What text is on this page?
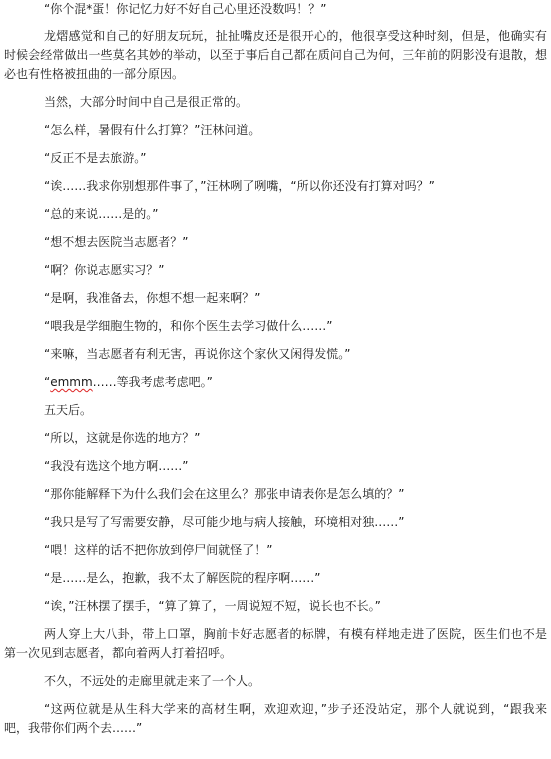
“你个混*蛋！你记忆力好不好自己心里还没数吗！？”

龙熠感觉和自己的好朋友玩玩，扯扯嘴皮还是很开心的，他很享受这种时刻，但是，他确实有时候会经常做出一些莫名其妙的举动，以至于事后自己都在质问自己为何，三年前的阴影没有退散，想必也有性格被扭曲的一部分原因。

当然，大部分时间中自己是很正常的。

“怎么样，暑假有什么打算？”汪林问道。

“反正不是去旅游。”

“诶……我求你别想那件事了，”汪林咧了咧嘴，“所以你还没有打算对吗？”

“总的来说……是的。”

“想不想去医院当志愿者？”

“啊？你说志愿实习？”

“是啊，我准备去，你想不想一起来啊？”

“喂我是学细胞生物的，和你个医生去学习做什么……”

“来嘛，当志愿者有利无害，再说你这个家伙又闲得发慌。”

“emmm……等我考虑考虑吧。”

五天后。

“所以，这就是你选的地方？”

“我没有选这个地方啊……”

“那你能解释下为什么我们会在这里么？那张申请表你是怎么填的？”

“我只是写了写需要安静，尽可能少地与病人接触，环境相对独……”

“喂！这样的话不把你放到停尸间就怪了！”

“是……是么，抱歉，我不太了解医院的程序啊……”

“诶，”汪林摆了摆手，“算了算了，一周说短不短，说长也不长。”

两人穿上大八卦，带上口罩，胸前卡好志愿者的标牌，有模有样地走进了医院，医生们也不是第一次见到志愿者，都向着两人打着招呼。

不久，不远处的走廊里就走来了一个人。

“这两位就是从生科大学来的高材生啊，欢迎欢迎，”步子还没站定，那个人就说到，“跟我来吧，我带你们两个去……”
